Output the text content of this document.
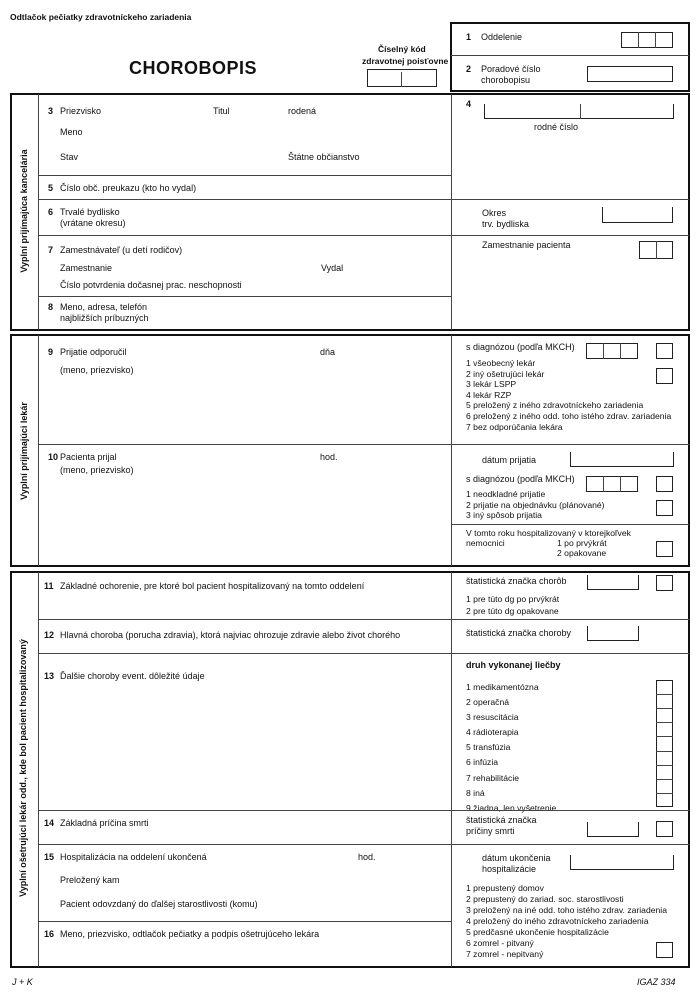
Odtlačok pečiatky zdravotníckeho zariadenia
CHOROBOPIS
Číselný kód
zdravotnej poisťovne
1 Oddelenie
2 Poradové číslo
chorobopisu
Vyplní prijímajúca kancelária
3 Priezvisko	Titul	rodená
Meno
Stav	Štátne občianstvo
5 Číslo obč. preukazu (kto ho vydal)
6 Trvalé bydlisko
(vrátane okresu)
7 Zamestnávateľ (u detí rodičov)
Zamestnanie	Vydal
Číslo potvrdenia dočasnej prac. neschopnosti
8 Meno, adresa, telefón
najbližších príbuzných
4
rodné číslo
Okres
trv. bydliska
Zamestnanie pacienta
Vyplní prijímajúci lekár
9 Prijatie odporučil	dňa
(meno, priezvisko)
10 Pacienta prijal	hod.
(meno, priezvisko)
s diagnózou (podľa MKCH)
1 všeobecný lekár
2 iný ošetrujúci lekár
3 lekár LSPP
4 lekár RZP
5 preložený z iného zdravotníckeho zariadenia
6 preložený z iného odd. toho istého zdrav. zariadenia
7 bez odporúčania lekára
dátum prijatia
s diagnózou (podľa MKCH)
1 neodkladné prijatie
2 prijatie na objednávku (plánované)
3 iný spôsob prijatia
V tomto roku hospitalizovaný v ktorejkoľvek
nemocnici	1 po prvýkrát
2 opakovane
Vyplní ošetrujúci lekár odd., kde bol pacient hospitalizovaný
11 Základné ochorenie, pre ktoré bol pacient hospitalizovaný na tomto oddelení	štatistická značka chorôb
1 pre túto dg po prvýkrát
2 pre túto dg opakovane
12 Hlavná choroba (porucha zdravia), ktorá najviac ohrozuje zdravie alebo život chorého	štatistická značka choroby
13 Ďalšie choroby event. dôležité údaje
druh vykonanej liečby
1 medikamentózna
2 operačná
3 resuscitácia
4 rádioterapia
5 transfúzia
6 infúzia
7 rehabilitácie
8 iná
9 žiadna, len vyšetrenie
14 Základná príčina smrti	štatistická značka
príčiny smrti
15 Hospitalizácia na oddelení ukončená	hod.
Preložený kam
Pacient odovzdaný do ďalšej starostlivosti (komu)
dátum ukončenia
hospitalizácie
1 prepustený domov
2 prepustený do zariad. soc. starostlivosti
3 preložený na iné odd. toho istého zdrav. zariadenia
4 preložený do iného zdravotníckeho zariadenia
5 predčasné ukončenie hospitalizácie
6 zomrel - pitvaný
7 zomrel - nepitvaný
16 Meno, priezvisko, odtlačok pečiatky a podpis ošetrujúceho lekára
J + K	IGAZ 334
